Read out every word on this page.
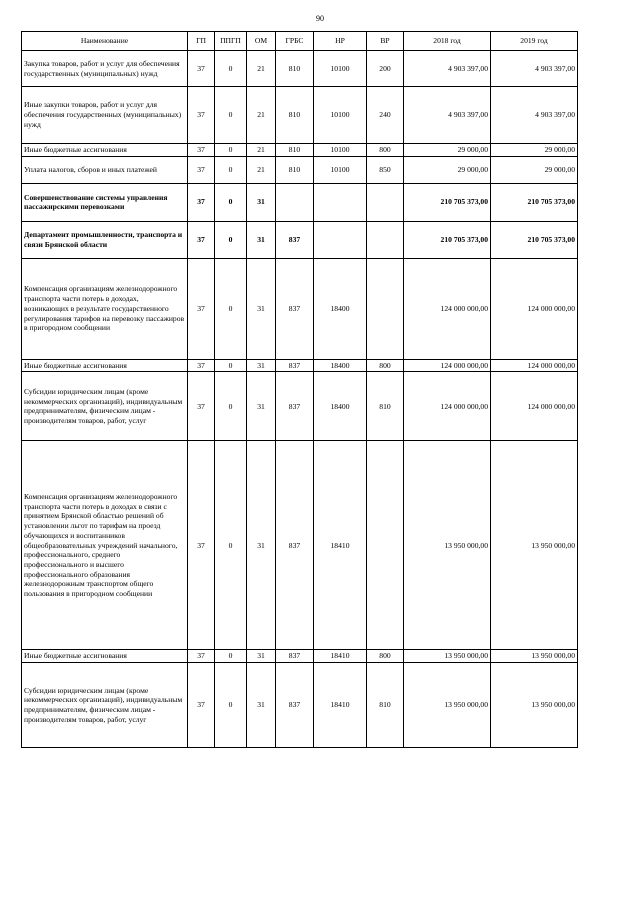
90
Наименование	ГП	ППГП	ОМ	ГРБС	НР	ВР	2018 год	2019 год
Закупка товаров, работ и услуг для обеспечения государственных (муниципальных) нужд	37	0	21	810	10100	200	4 903 397,00	4 903 397,00
Иные закупки товаров, работ и услуг для обеспечения государственных (муниципальных) нужд	37	0	21	810	10100	240	4 903 397,00	4 903 397,00
Иные бюджетные ассигнования	37	0	21	810	10100	800	29 000,00	29 000,00
Уплата налогов, сборов и иных платежей	37	0	21	810	10100	850	29 000,00	29 000,00
Совершенствование системы управления пассажирскими перевозками	37	0	31				210 705 373,00	210 705 373,00
Департамент промышленности, транспорта и связи Брянской области	37	0	31	837			210 705 373,00	210 705 373,00
Компенсация организациям железнодорожного транспорта части потерь в доходах, возникающих в результате государственного регулирования тарифов на перевозку пассажиров в пригородном сообщении	37	0	31	837	18400		124 000 000,00	124 000 000,00
Иные бюджетные ассигнования	37	0	31	837	18400	800	124 000 000,00	124 000 000,00
Субсидии юридическим лицам (кроме некоммерческих организаций), индивидуальным предпринимателям, физическим лицам - производителям товаров, работ, услуг	37	0	31	837	18400	810	124 000 000,00	124 000 000,00
Компенсация организациям железнодорожного транспорта части потерь в доходах в связи с принятием Брянской областью решений об установлении льгот по тарифам на проезд обучающихся и воспитанников общеобразовательных учреждений начального, профессионального, среднего профессионального и высшего профессионального образования железнодорожным транспортом общего пользования в пригородном сообщении	37	0	31	837	18410		13 950 000,00	13 950 000,00
Иные бюджетные ассигнования	37	0	31	837	18410	800	13 950 000,00	13 950 000,00
Субсидии юридическим лицам (кроме некоммерческих организаций), индивидуальным предпринимателям, физическим лицам - производителям товаров, работ, услуг	37	0	31	837	18410	810	13 950 000,00	13 950 000,00
